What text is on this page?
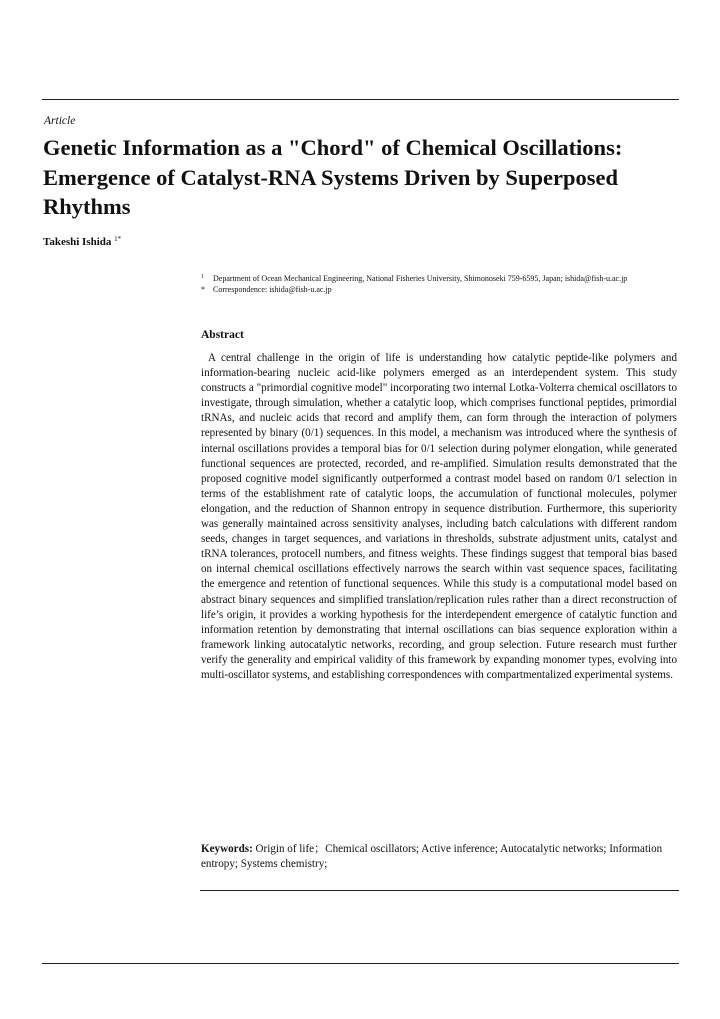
Article
Genetic Information as a "Chord" of Chemical Oscillations: Emergence of Catalyst-RNA Systems Driven by Superposed Rhythms
Takeshi Ishida $^{1*}$
1	Department of Ocean Mechanical Engineering, National Fisheries University, Shimonoseki 759-6595, Japan; ishida@fish-u.ac.jp
*	Correspondence: ishida@fish-u.ac.jp
Abstract

A central challenge in the origin of life is understanding how catalytic peptide-like polymers and information-bearing nucleic acid-like polymers emerged as an interdependent system. This study constructs a "primordial cognitive model" incorporating two internal Lotka-Volterra chemical oscillators to investigate, through simulation, whether a catalytic loop, which comprises functional peptides, primordial tRNAs, and nucleic acids that record and amplify them, can form through the interaction of polymers represented by binary (0/1) sequences. In this model, a mechanism was introduced where the synthesis of internal oscillations provides a temporal bias for 0/1 selection during polymer elongation, while generated functional sequences are protected, recorded, and re-amplified. Simulation results demonstrated that the proposed cognitive model significantly outperformed a contrast model based on random 0/1 selection in terms of the establishment rate of catalytic loops, the accumulation of functional molecules, polymer elongation, and the reduction of Shannon entropy in sequence distribution. Furthermore, this superiority was generally maintained across sensitivity analyses, including batch calculations with different random seeds, changes in target sequences, and variations in thresholds, substrate adjustment units, catalyst and tRNA tolerances, protocell numbers, and fitness weights. These findings suggest that temporal bias based on internal chemical oscillations effectively narrows the search within vast sequence spaces, facilitating the emergence and retention of functional sequences. While this study is a computational model based on abstract binary sequences and simplified translation/replication rules rather than a direct reconstruction of life’s origin, it provides a working hypothesis for the interdependent emergence of catalytic function and information retention by demonstrating that internal oscillations can bias sequence exploration within a framework linking autocatalytic networks, recording, and group selection. Future research must further verify the generality and empirical validity of this framework by expanding monomer types, evolving into multi-oscillator systems, and establishing correspondences with compartmentalized experimental systems.

Keywords: Origin of life；Chemical oscillators; Active inference; Autocatalytic networks; Information entropy; Systems chemistry;
